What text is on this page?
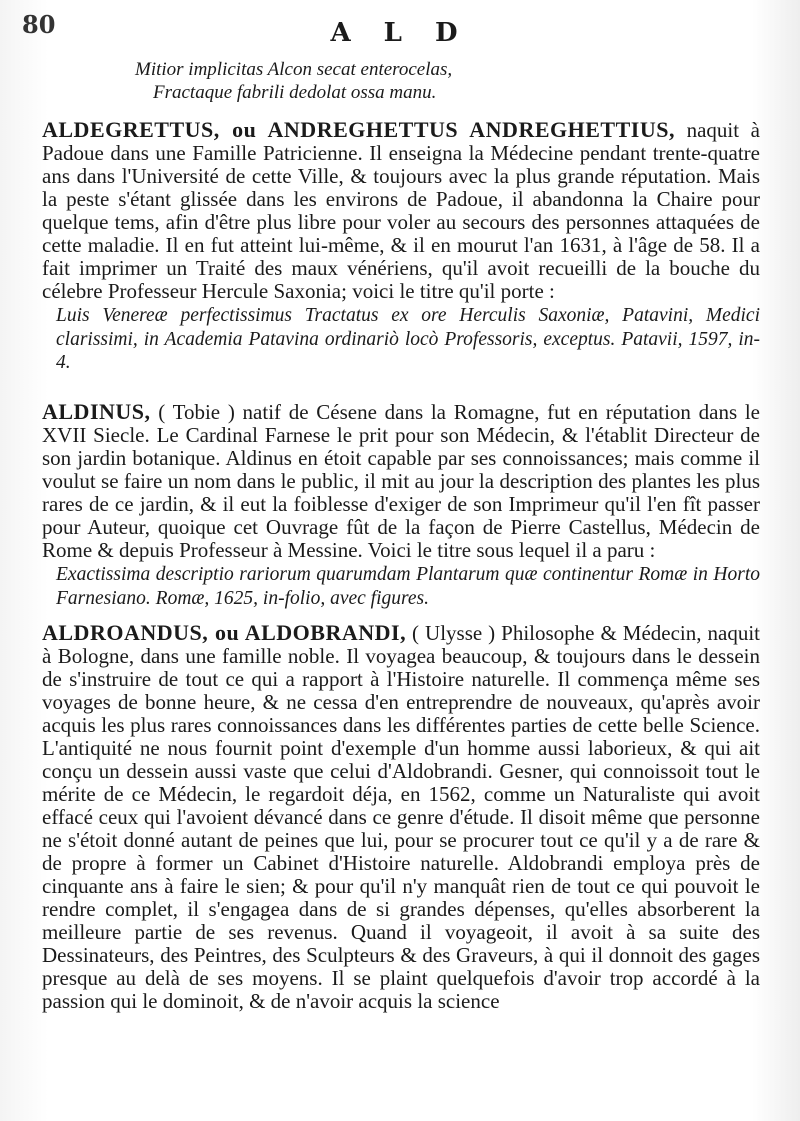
80	A L D
Mitior implicitas Alcon secat enterocelas,
Fractaque fabrili dedolat ossa manu.
ALDEGRETTUS, ou ANDREGHETTUS ANDREGHETTIUS, naquit à Padoue dans une Famille Patricienne. Il enseigna la Médecine pendant trente-quatre ans dans l'Université de cette Ville, & toujours avec la plus grande réputation. Mais la peste s'étant glissée dans les environs de Padoue, il abandonna la Chaire pour quelque tems, afin d'être plus libre pour voler au secours des personnes attaquées de cette maladie. Il en fut atteint lui-même, & il en mourut l'an 1631, à l'âge de 58. Il a fait imprimer un Traité des maux vénériens, qu'il avoit recueilli de la bouche du célebre Professeur Hercule Saxonia; voici le titre qu'il porte :
Luis Venereæ perfectissimus Tractatus ex ore Herculis Saxoniæ, Patavini, Medici clarissimi, in Academia Patavina ordinariò locò Professoris, exceptus. Patavii, 1597, in-4.
ALDINUS, ( Tobie ) natif de Césene dans la Romagne, fut en réputation dans le XVII Siecle. Le Cardinal Farnese le prit pour son Médecin, & l'établit Directeur de son jardin botanique. Aldinus en étoit capable par ses connoissances; mais comme il voulut se faire un nom dans le public, il mit au jour la description des plantes les plus rares de ce jardin, & il eut la foiblesse d'exiger de son Imprimeur qu'il l'en fît passer pour Auteur, quoique cet Ouvrage fût de la façon de Pierre Castellus, Médecin de Rome & depuis Professeur à Messine. Voici le titre sous lequel il a paru :
Exactissima descriptio rariorum quarumdam Plantarum quæ continentur Romæ in Horto Farnesiano. Romæ, 1625, in-folio, avec figures.
ALDROANDUS, ou ALDOBRANDI, ( Ulysse ) Philosophe & Médecin, naquit à Bologne, dans une famille noble. Il voyagea beaucoup, & toujours dans le dessein de s'instruire de tout ce qui a rapport à l'Histoire naturelle. Il commença même ses voyages de bonne heure, & ne cessa d'en entreprendre de nouveaux, qu'après avoir acquis les plus rares connoissances dans les différentes parties de cette belle Science. L'antiquité ne nous fournit point d'exemple d'un homme aussi laborieux, & qui ait conçu un dessein aussi vaste que celui d'Aldobrandi. Gesner, qui connoissoit tout le mérite de ce Médecin, le regardoit déja, en 1562, comme un Naturaliste qui avoit effacé ceux qui l'avoient dévancé dans ce genre d'étude. Il disoit même que personne ne s'étoit donné autant de peines que lui, pour se procurer tout ce qu'il y a de rare & de propre à former un Cabinet d'Histoire naturelle. Aldobrandi employa près de cinquante ans à faire le sien; & pour qu'il n'y manquât rien de tout ce qui pouvoit le rendre complet, il s'engagea dans de si grandes dépenses, qu'elles absorberent la meilleure partie de ses revenus. Quand il voyageoit, il avoit à sa suite des Dessinateurs, des Peintres, des Sculpteurs & des Graveurs, à qui il donnoit des gages presque au delà de ses moyens. Il se plaint quelquefois d'avoir trop accordé à la passion qui le dominoit, & de n'avoir acquis la science
